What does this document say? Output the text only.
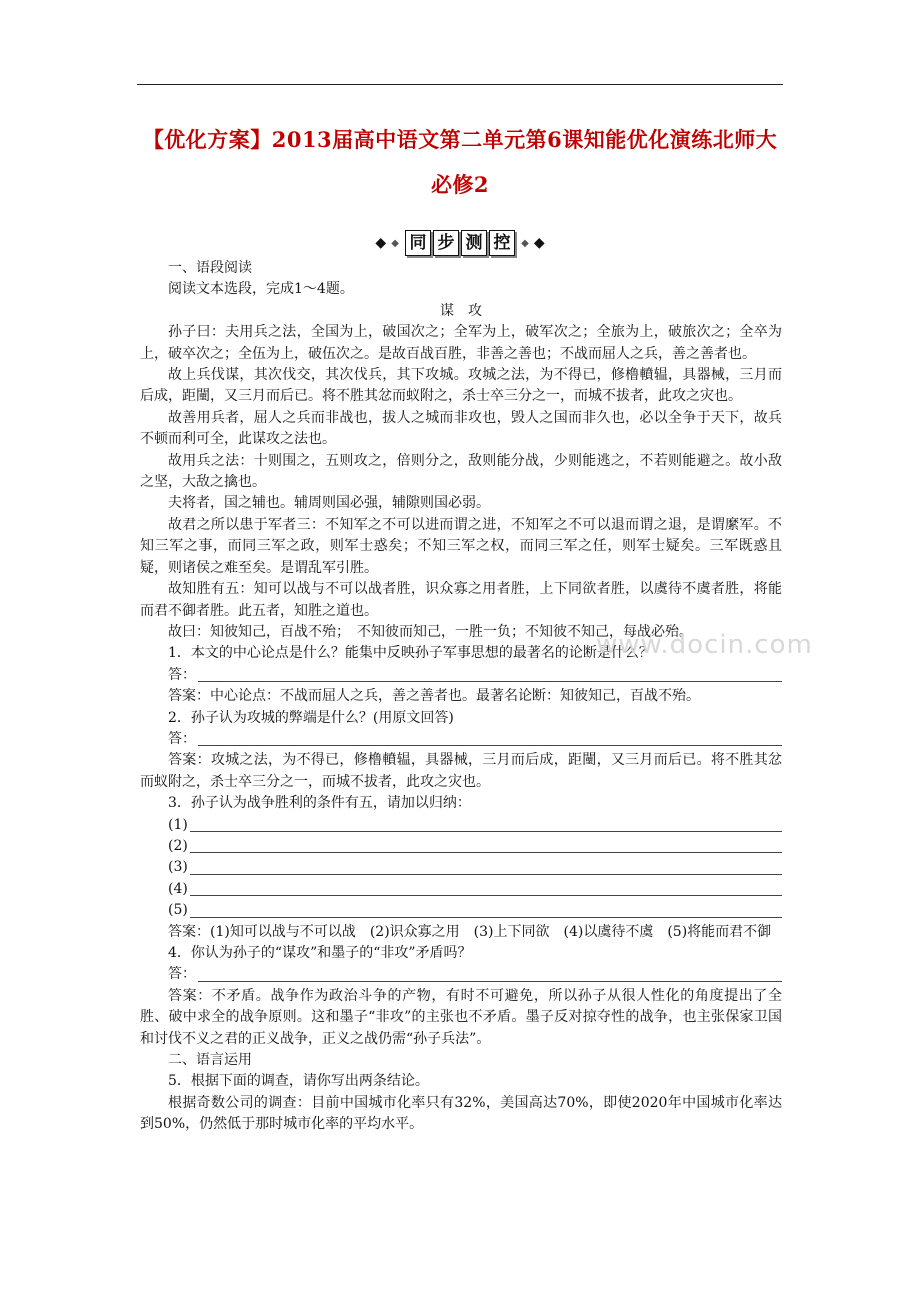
【优化方案】2013届高中语文第二单元第6课知能优化演练北师大
必修2
◆ ◆ 同 步 测 控 ◆ ◆

一、语段阅读

阅读文本选段，完成1～4题。

谋　攻

孙子曰：夫用兵之法，全国为上，破国次之；全军为上，破军次之；全旅为上，破旅次之；全卒为上，破卒次之；全伍为上，破伍次之。是故百战百胜，非善之善也；不战而屈人之兵，善之善者也。

故上兵伐谋，其次伐交，其次伐兵，其下攻城。攻城之法，为不得已，修橹轒辒，具器械，三月而后成，距闉，又三月而后已。将不胜其忿而蚁附之，杀士卒三分之一，而城不拔者，此攻之灾也。

故善用兵者，屈人之兵而非战也，拔人之城而非攻也，毁人之国而非久也，必以全争于天下，故兵不顿而利可全，此谋攻之法也。

故用兵之法：十则围之，五则攻之，倍则分之，敌则能分战，少则能逃之，不若则能避之。故小敌之坚，大敌之擒也。

夫将者，国之辅也。辅周则国必强，辅隙则国必弱。

故君之所以患于军者三：不知军之不可以进而谓之进，不知军之不可以退而谓之退，是谓縻军。不知三军之事，而同三军之政，则军士惑矣；不知三军之权，而同三军之任，则军士疑矣。三军既惑且疑，则诸侯之难至矣。是谓乱军引胜。

故知胜有五：知可以战与不可以战者胜，识众寡之用者胜，上下同欲者胜，以虞待不虞者胜，将能而君不御者胜。此五者，知胜之道也。

故曰：知彼知己，百战不殆；　不知彼而知己，一胜一负；不知彼不知己，每战必殆。

1．本文的中心论点是什么？能集中反映孙子军事思想的最著名的论断是什么？

答：

答案：中心论点：不战而屈人之兵，善之善者也。最著名论断：知彼知己，百战不殆。

2．孙子认为攻城的弊端是什么？(用原文回答)

答：

答案：攻城之法，为不得已，修橹轒辒，具器械，三月而后成，距闉，又三月而后已。将不胜其忿而蚁附之，杀士卒三分之一，而城不拔者，此攻之灾也。

3．孙子认为战争胜利的条件有五，请加以归纳：

(1)
(2)
(3)
(4)
(5)

答案：(1)知可以战与不可以战　(2)识众寡之用　(3)上下同欲　(4)以虞待不虞　(5)将能而君不御

4．你认为孙子的“谋攻”和墨子的“非攻”矛盾吗？

答：

答案：不矛盾。战争作为政治斗争的产物，有时不可避免，所以孙子从很人性化的角度提出了全胜、破中求全的战争原则。这和墨子“非攻”的主张也不矛盾。墨子反对掠夺性的战争，也主张保家卫国和讨伐不义之君的正义战争，正义之战仍需“孙子兵法”。

二、语言运用

5．根据下面的调查，请你写出两条结论。

根据奇数公司的调查：目前中国城市化率只有32%，美国高达70%，即使2020年中国城市化率达到50%，仍然低于那时城市化率的平均水平。

www.docin.com
